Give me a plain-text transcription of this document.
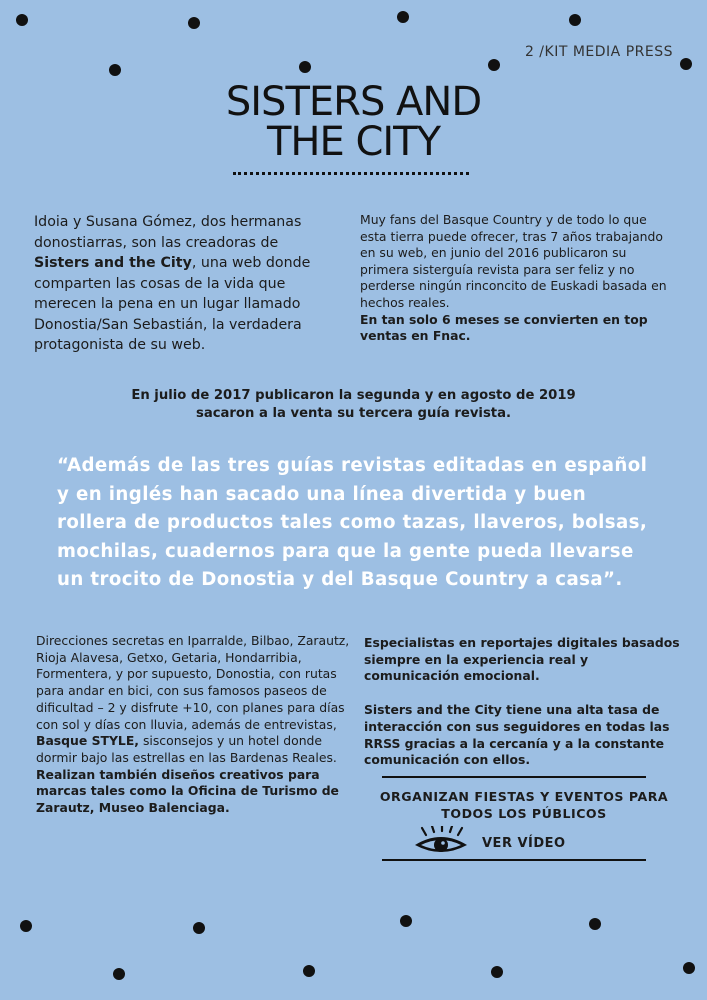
2 /KIT MEDIA PRESS
SISTERS AND
THE CITY
Idoia y Susana Gómez, dos hermanas donostiarras, son las creadoras de Sisters and the City, una web donde comparten las cosas de la vida que merecen la pena en un lugar llamado Donostia/San Sebastián, la verdadera protagonista de su web.

Muy fans del Basque Country y de todo lo que esta tierra puede ofrecer, tras 7 años trabajando en su web, en junio del 2016 publicaron su primera sisterguía revista para ser feliz y no perderse ningún rinconcito de Euskadi basada en hechos reales.

En tan solo 6 meses se convierten en top ventas en Fnac.

En julio de 2017 publicaron la segunda y en agosto de 2019
sacaron a la venta su tercera guía revista.

“Además de las tres guías revistas editadas en español y en inglés han sacado una línea divertida y buen rollera de productos tales como tazas, llaveros, bolsas, mochilas, cuadernos para que la gente pueda llevarse un trocito de Donostia y del Basque Country a casa”.

Direcciones secretas en Iparralde, Bilbao, Zarautz, Rioja Alavesa, Getxo, Getaria, Hondarribia, Formentera, y por supuesto, Donostia, con rutas para andar en bici, con sus famosos paseos de dificultad – 2 y disfrute +10, con planes para días con sol y días con lluvia, además de entrevistas, Basque STYLE, sisconsejos y un hotel donde dormir bajo las estrellas en las Bardenas Reales.

Realizan también diseños creativos para marcas tales como la Oficina de Turismo de Zarautz, Museo Balenciaga.

Especialistas en reportajes digitales basados siempre en la experiencia real y comunicación emocional.

Sisters and the City tiene una alta tasa de interacción con sus seguidores en todas las RRSS gracias a la cercanía y a la constante comunicación con ellos.

ORGANIZAN FIESTAS Y EVENTOS PARA
TODOS LOS PÚBLICOS
VER VÍDEO
